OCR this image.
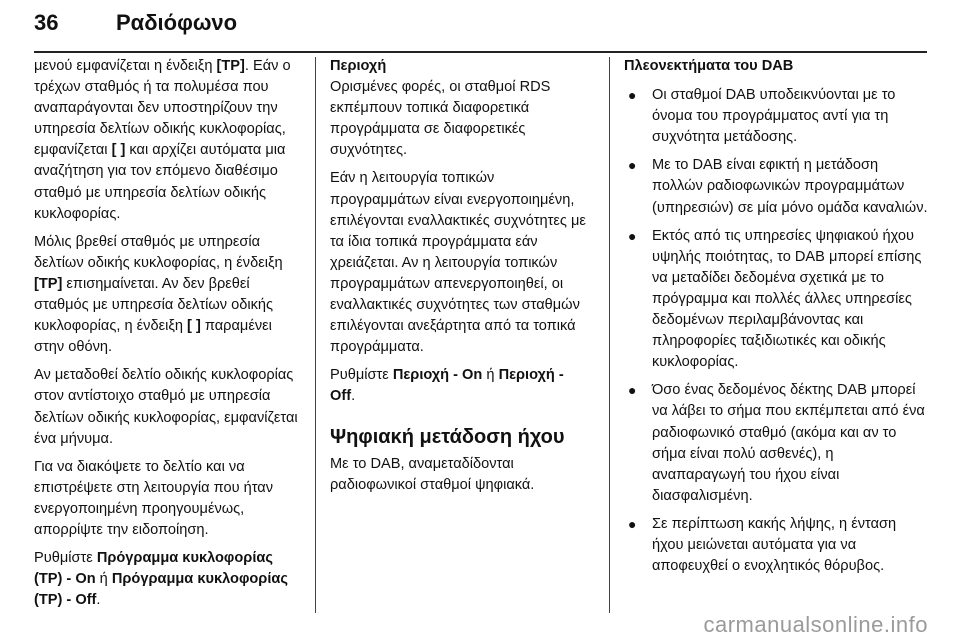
36	Ραδιόφωνο

μενού εμφανίζεται η ένδειξη [TP]. Εάν ο τρέχων σταθμός ή τα πολυμέσα που αναπαράγονται δεν υποστηρίζουν την υπηρεσία δελτίων οδικής κυκλοφορίας, εμφανίζεται [ ] και αρχίζει αυτόματα μια αναζήτηση για τον επόμενο διαθέσιμο σταθμό με υπηρεσία δελτίων οδικής κυκλοφορίας.

Μόλις βρεθεί σταθμός με υπηρεσία δελτίων οδικής κυκλοφορίας, η ένδειξη [TP] επισημαίνεται. Αν δεν βρεθεί σταθμός με υπηρεσία δελτίων οδικής κυκλοφορίας, η ένδειξη [ ] παραμένει στην οθόνη.

Αν μεταδοθεί δελτίο οδικής κυκλοφορίας στον αντίστοιχο σταθμό με υπηρεσία δελτίων οδικής κυκλοφορίας, εμφανίζεται ένα μήνυμα.

Για να διακόψετε το δελτίο και να επιστρέψετε στη λειτουργία που ήταν ενεργοποιημένη προηγουμένως, απορρίψτε την ειδοποίηση.

Ρυθμίστε Πρόγραμμα κυκλοφορίας (TP) - On ή Πρόγραμμα κυκλοφορίας (TP) - Off.

Περιοχή

Ορισμένες φορές, οι σταθμοί RDS εκπέμπουν τοπικά διαφορετικά προγράμματα σε διαφορετικές συχνότητες.

Εάν η λειτουργία τοπικών προγραμμάτων είναι ενεργοποιημένη, επιλέγονται εναλλακτικές συχνότητες με τα ίδια τοπικά προγράμματα εάν χρειάζεται. Αν η λειτουργία τοπικών προγραμμάτων απενεργοποιηθεί, οι εναλλακτικές συχνότητες των σταθμών επιλέγονται ανεξάρτητα από τα τοπικά προγράμματα.

Ρυθμίστε Περιοχή - On ή Περιοχή - Off.

Ψηφιακή μετάδοση ήχου

Με το DAB, αναμεταδίδονται ραδιοφωνικοί σταθμοί ψηφιακά.

Πλεονεκτήματα του DAB
● Οι σταθμοί DAB υποδεικνύονται με το όνομα του προγράμματος αντί για τη συχνότητα μετάδοσης.
● Με το DAB είναι εφικτή η μετάδοση πολλών ραδιοφωνικών προγραμμάτων (υπηρεσιών) σε μία μόνο ομάδα καναλιών.
● Εκτός από τις υπηρεσίες ψηφιακού ήχου υψηλής ποιότητας, το DAB μπορεί επίσης να μεταδίδει δεδομένα σχετικά με το πρόγραμμα και πολλές άλλες υπηρεσίες δεδομένων περιλαμβάνοντας και πληροφορίες ταξιδιωτικές και οδικής κυκλοφορίας.
● Όσο ένας δεδομένος δέκτης DAB μπορεί να λάβει το σήμα που εκπέμπεται από ένα ραδιοφωνικό σταθμό (ακόμα και αν το σήμα είναι πολύ ασθενές), η αναπαραγωγή του ήχου είναι διασφαλισμένη.
● Σε περίπτωση κακής λήψης, η ένταση ήχου μειώνεται αυτόματα για να αποφευχθεί ο ενοχλητικός θόρυβος.
carmanualsonline.info
